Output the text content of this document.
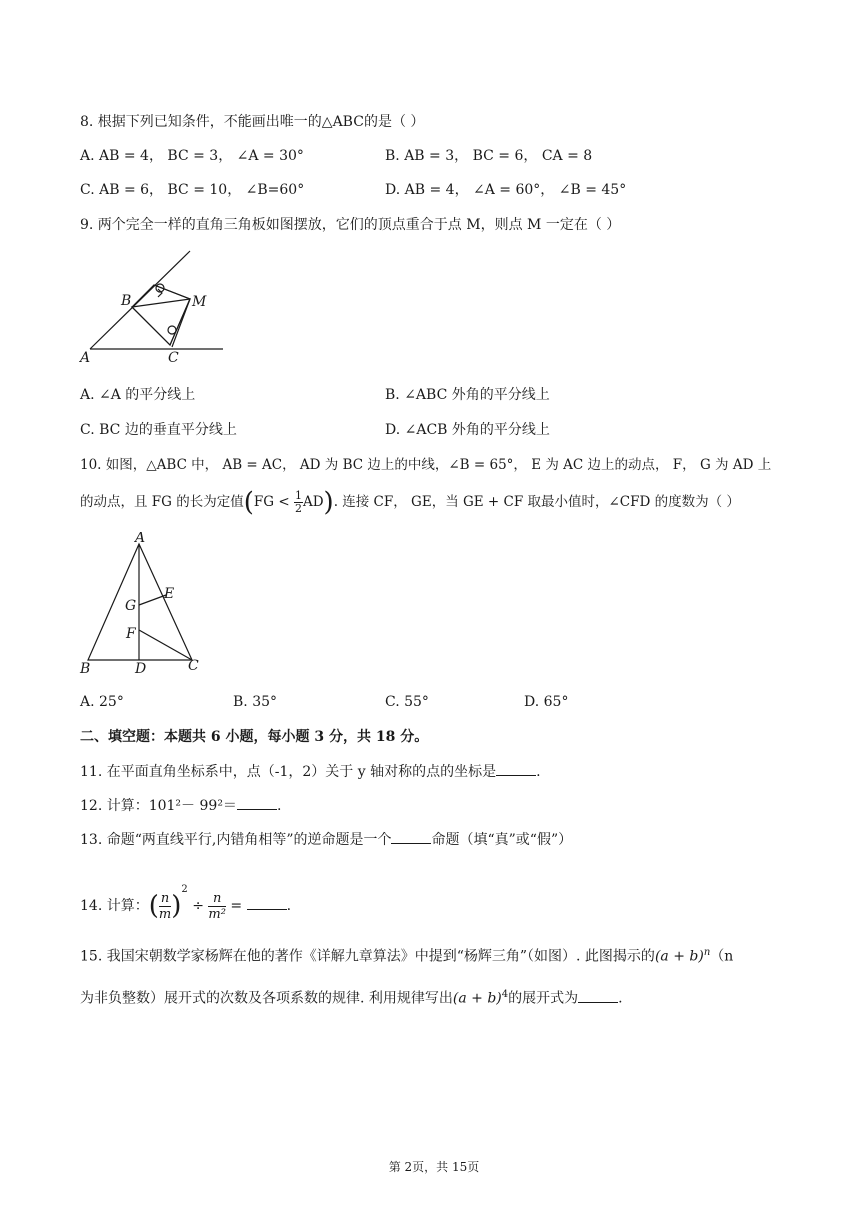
8. 根据下列已知条件，不能画出唯一的△ABC的是（ ）
A. AB = 4， BC = 3， ∠A = 30°	B. AB = 3， BC = 6， CA = 8
C. AB = 6， BC = 10， ∠B=60°	D. AB = 4， ∠A = 60°， ∠B = 45°
9. 两个完全一样的直角三角板如图摆放，它们的顶点重合于点 M，则点 M 一定在（ ）
B	M
A	C
A. ∠A 的平分线上	B. ∠ABC 外角的平分线上
C. BC 边的垂直平分线上	D. ∠ACB 外角的平分线上
10. 如图，△ABC 中， AB = AC， AD 为 BC 边上的中线，∠B = 65°， E 为 AC 边上的动点， F， G 为 AD 上
的动点，且 FG 的长为定值$(FG < \frac{1}{2} AD)$. 连接 CF， GE，当 GE + CF 取最小值时，∠CFD 的度数为（ ）
A
E
G
F
B	D	C
A. 25°	B. 35°	C. 55°	D. 65°
二、填空题：本题共 6 小题，每小题 3 分，共 18 分。
11. 在平面直角坐标系中，点（-1，2）关于 y 轴对称的点的坐标是	.
12. 计算：101²－ 99²＝	.
13. 命题“两直线平行,内错角相等”的逆命题是一个	命题（填“真”或“假”）
14. 计算：( $\frac{n}{m} )^2 \div \frac{n}{\text{m²}}$ =	.
15. 我国宋朝数学家杨辉在他的著作《详解九章算法》中提到“杨辉三角”（如图）. 此图揭示的$(a + b)^n(n$
为非负整数）展开式的次数及各项系数的规律. 利用规律写出$(a + b)^4$的展开式为	.
第 2页，共 15页
